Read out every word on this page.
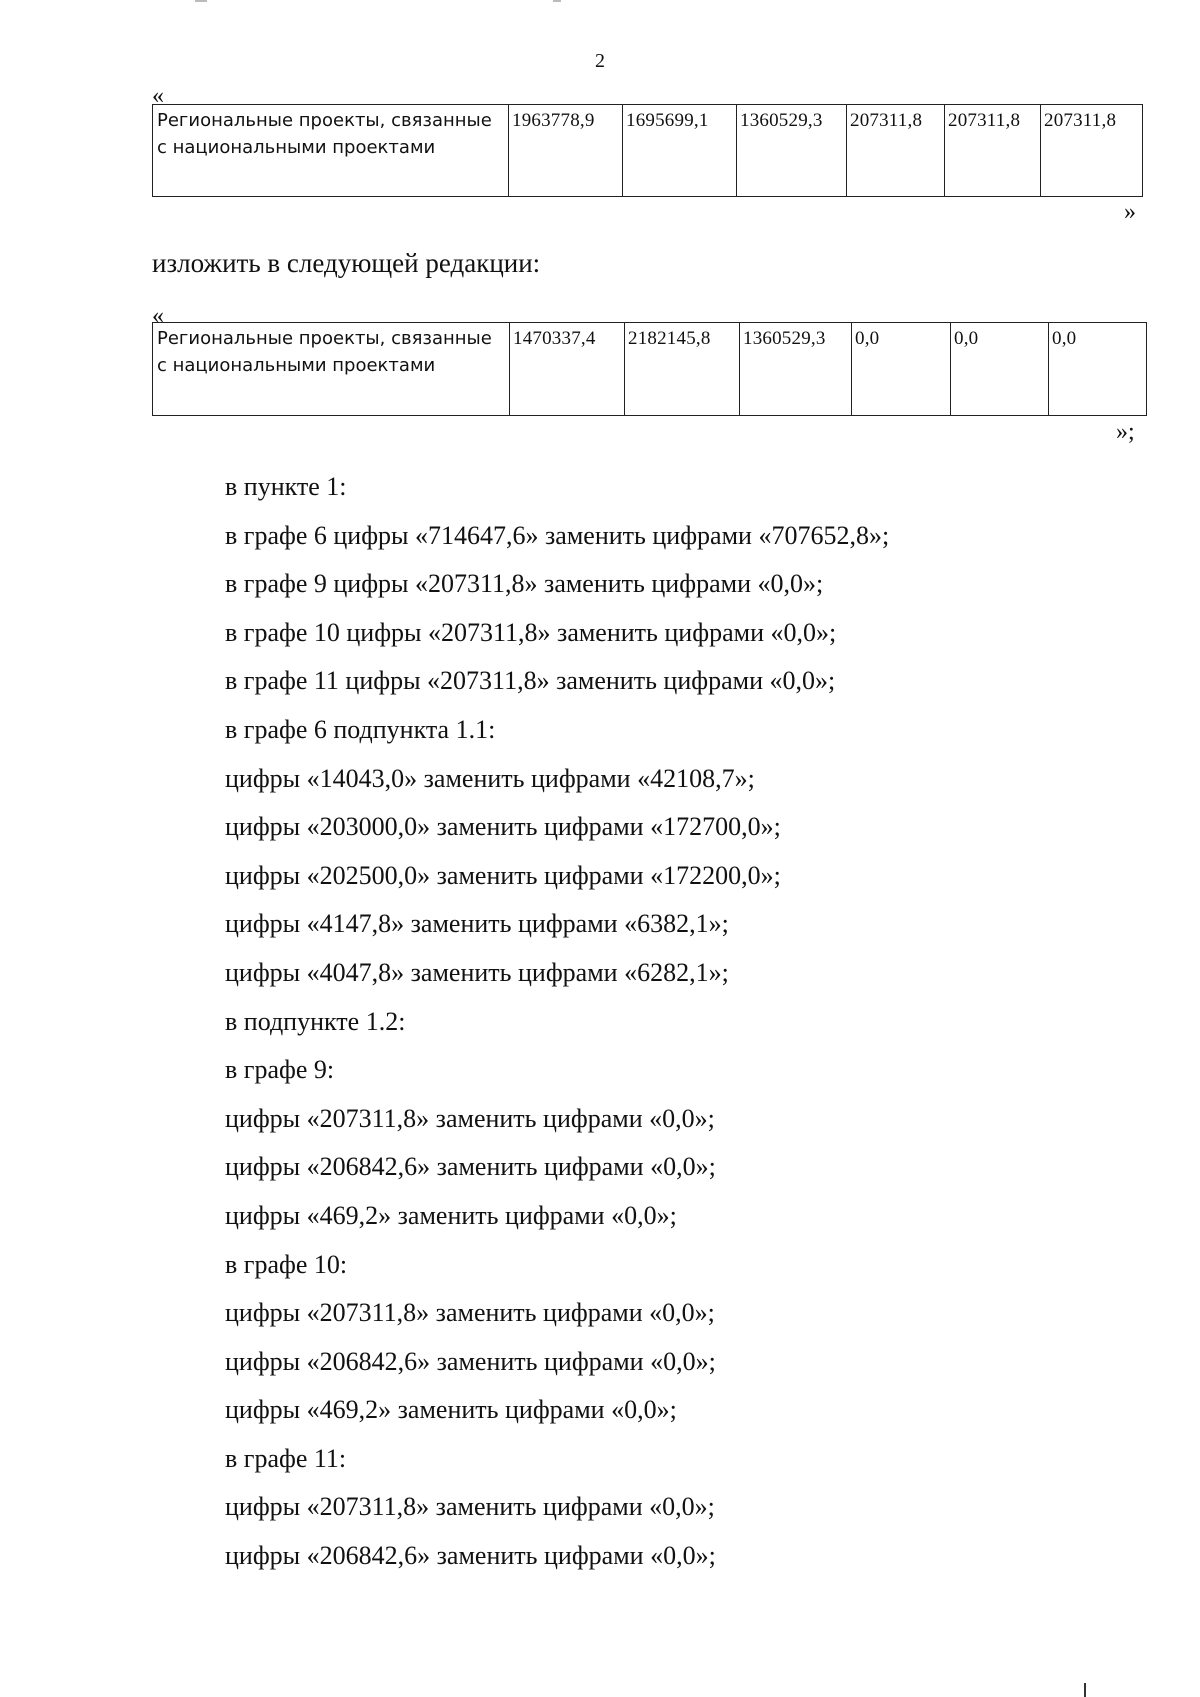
2
«
Региональные проекты, связанные с национальными проектами	1963778,9	1695699,1	1360529,3	207311,8	207311,8	207311,8
»
изложить в следующей редакции:
«
Региональные проекты, связанные с национальными проектами	1470337,4	2182145,8	1360529,3	0,0	0,0	0,0
»;
в пункте 1:
в графе 6 цифры «714647,6» заменить цифрами «707652,8»;
в графе 9 цифры «207311,8» заменить цифрами «0,0»;
в графе 10 цифры «207311,8» заменить цифрами «0,0»;
в графе 11 цифры «207311,8» заменить цифрами «0,0»;
в графе 6 подпункта 1.1:
цифры «14043,0» заменить цифрами «42108,7»;
цифры «203000,0» заменить цифрами «172700,0»;
цифры «202500,0» заменить цифрами «172200,0»;
цифры «4147,8» заменить цифрами «6382,1»;
цифры «4047,8» заменить цифрами «6282,1»;
в подпункте 1.2:
в графе 9:
цифры «207311,8» заменить цифрами «0,0»;
цифры «206842,6» заменить цифрами «0,0»;
цифры «469,2» заменить цифрами «0,0»;
в графе 10:
цифры «207311,8» заменить цифрами «0,0»;
цифры «206842,6» заменить цифрами «0,0»;
цифры «469,2» заменить цифрами «0,0»;
в графе 11:
цифры «207311,8» заменить цифрами «0,0»;
цифры «206842,6» заменить цифрами «0,0»;
